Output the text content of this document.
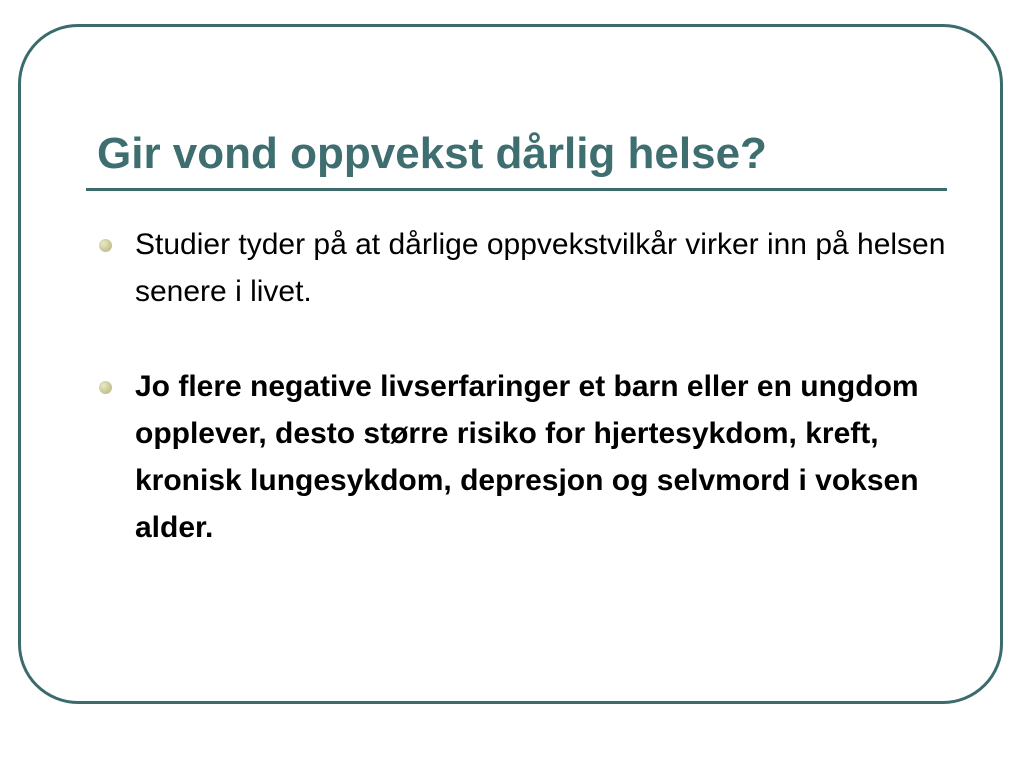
Gir vond oppvekst dårlig helse?
Studier tyder på at dårlige oppvekstvilkår virker inn på helsen senere i livet.
Jo flere negative livserfaringer et barn eller en ungdom opplever, desto større risiko for hjertesykdom, kreft, kronisk lungesykdom, depresjon og selvmord i voksen alder.
